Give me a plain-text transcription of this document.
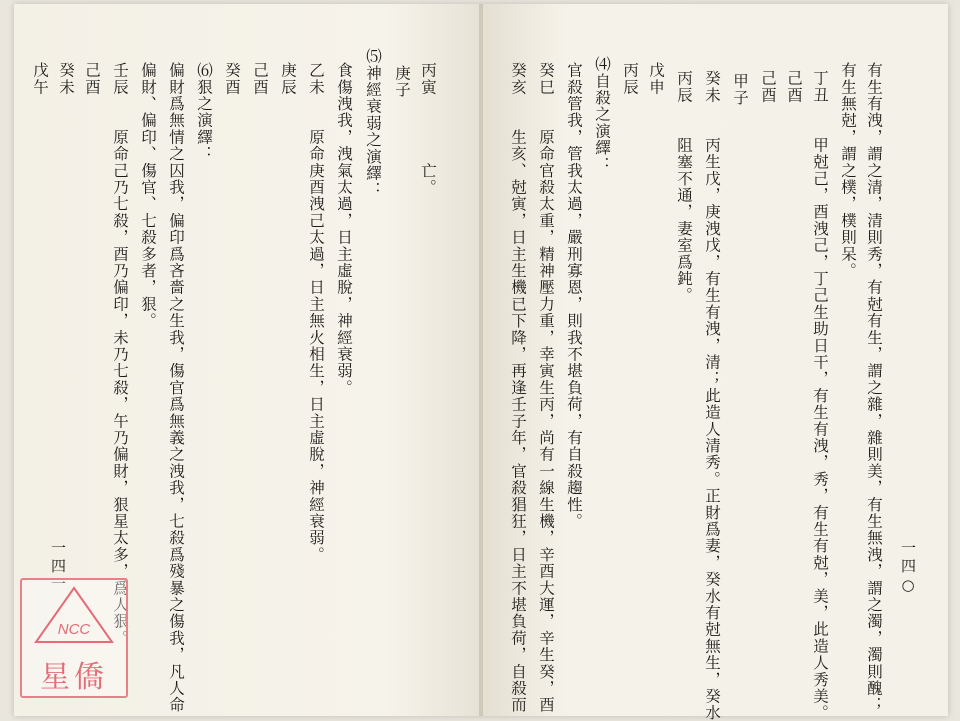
一四一	一四○

丙寅　　　　亡。
　庚子
⑸神經衰弱之演繹：
食傷洩我，洩氣太過，日主虛脫，神經衰弱。
乙未　　原命庚酉洩己太過，日主無火相生，日主虛脫，神經衰弱。
庚辰
己酉
癸酉
⑹狠之演繹：
偏財爲無情之囚我，偏印爲吝嗇之生我，傷官爲無義之洩我，七殺爲殘暴之傷我，凡人命
偏財、偏印、傷官、七殺多者，狠。
壬辰　　原命己乃七殺，酉乃偏印，未乃七殺，午乃偏財，狠星太多，爲人狠。
己酉
癸未
戊午	有生有洩，謂之清，清則秀，有尅有生，謂之雜，雜則美，有生無洩，謂之濁，濁則醜；
有生無尅，謂之樸，樸則呆。
丁丑　　甲尅己，酉洩己，丁己生助日干，有生有洩，秀，有生有尅，美，此造人秀美。
己酉
己酉
　甲子
癸未　　丙生戊，庚洩戊，有生有洩，清；此造人清秀。正財爲妻，癸水有尅無生，癸水
丙辰　　阻塞不通，妻室爲鈍。
戊申
丙辰
⑷自殺之演繹：
官殺管我，管我太過，嚴刑寡恩，則我不堪負荷，有自殺趨性。
癸巳　　原命官殺太重，精神壓力重，幸寅生丙，尚有一線生機，辛酉大運，辛生癸，酉
癸亥　　生亥、尅寅，日主生機已下降，再逢壬子年，官殺猖狂，日主不堪負荷，自殺而
NCC
星僑
